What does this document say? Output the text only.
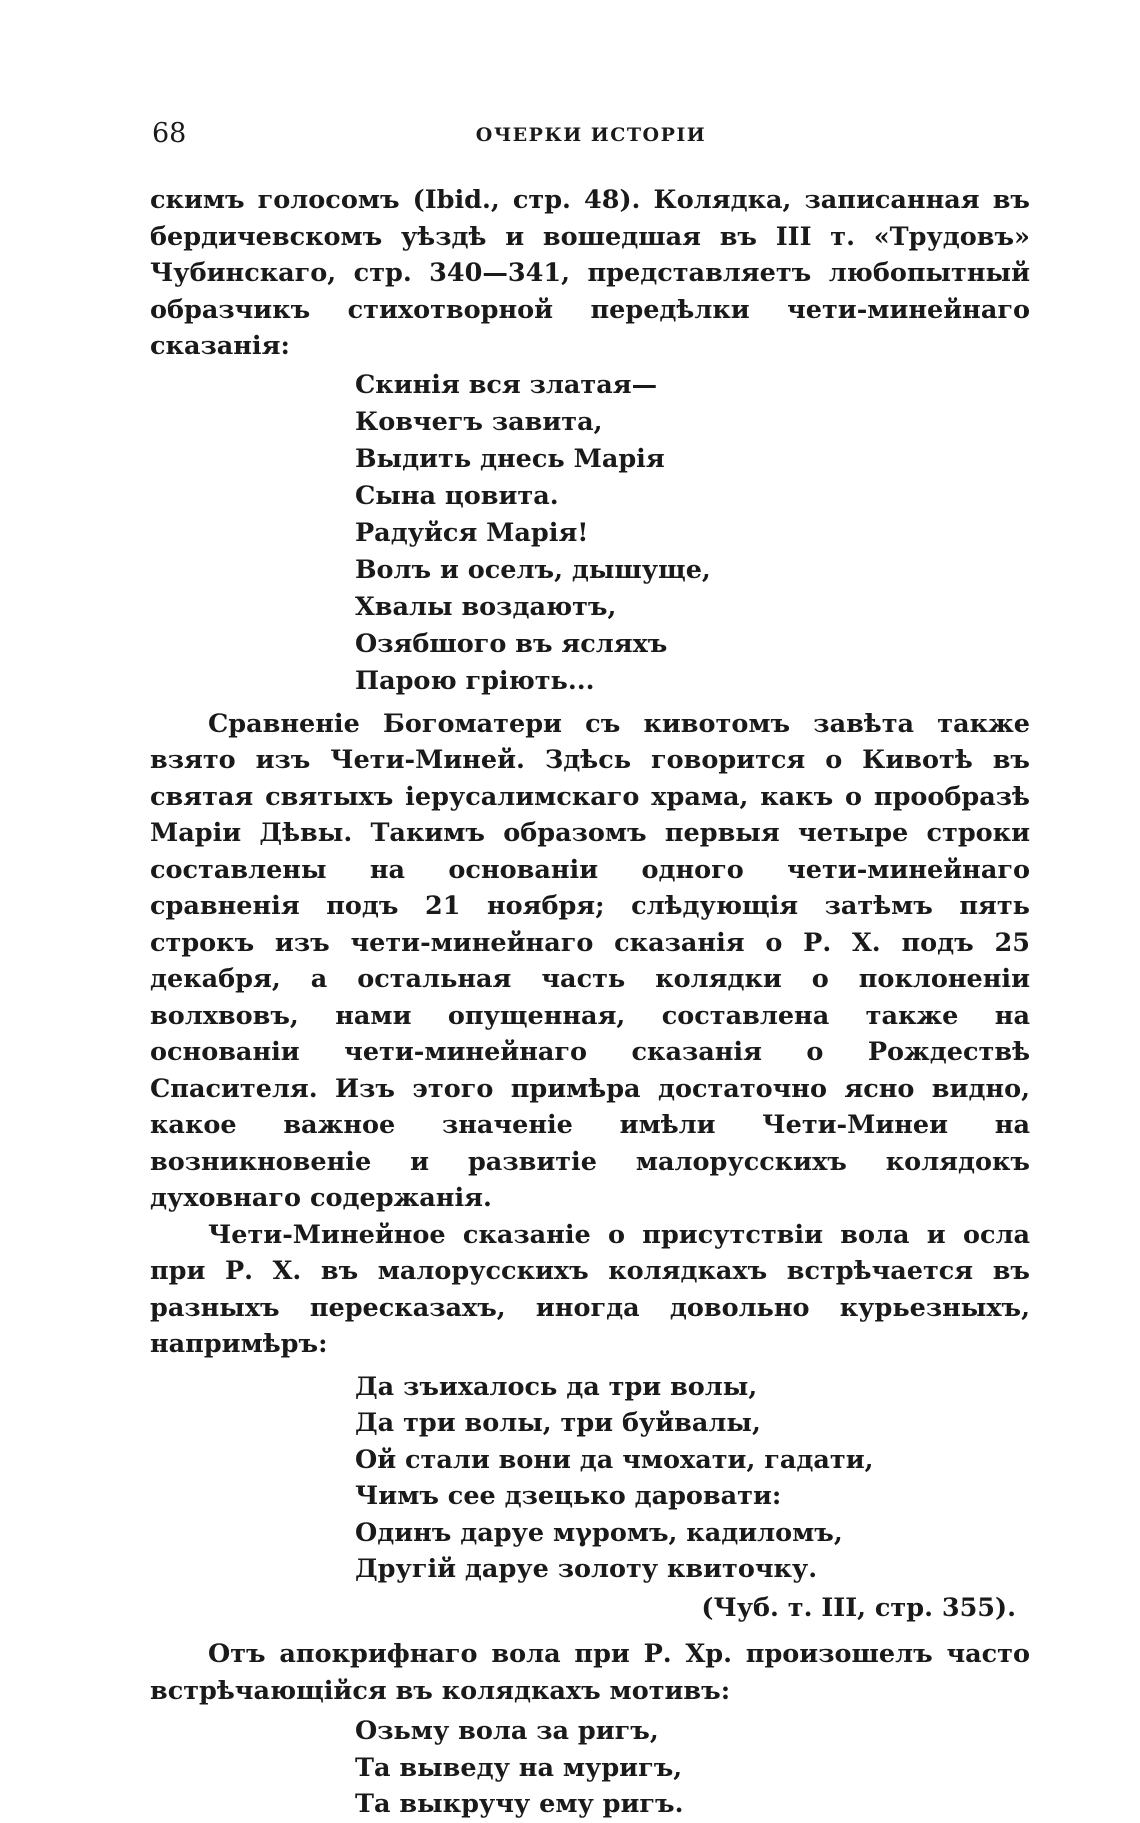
68	ОЧЕРКИ ИСТОРIИ

скимъ голосомъ (Ibid., стр. 48). Колядка, записанная въ бердичевскомъ уѣздѣ и вошедшая въ III т. «Трудовъ» Чубинскаго, стр. 340—341, представляетъ любопытный образчикъ стихотворной передѣлки чети-минейнаго сказанія:

Скинія вся златая—
Ковчегъ завита,
Выдить днесь Марія
Сына цовита.
Радуйся Марія!
Волъ и оселъ, дышуще,
Хвалы воздаютъ,
Озябшого въ ясляхъ
Парою грiють...

Сравненіе Богоматери съ кивотомъ завѣта также взято изъ Чети-Миней. Здѣсь говорится о Кивотѣ въ святая святыхъ іерусалимскаго храма, какъ о прообразѣ Маріи Дѣвы. Такимъ образомъ первыя четыре строки составлены на основаніи одного чети-минейнаго сравненія подъ 21 ноября; слѣдующія затѣмъ пять строкъ изъ чети-минейнаго сказанія о Р. Х. подъ 25 декабря, а остальная часть колядки о поклоненіи волхвовъ, нами опущенная, составлена также на основаніи чети-минейнаго сказанія о Рождествѣ Спасителя. Изъ этого примѣра достаточно ясно видно, какое важное значеніе имѣли Чети-Минеи на возникновеніе и развитіе малорусскихъ колядокъ духовнаго содержанія.

Чети-Минейное сказаніе о присутствіи вола и осла при Р. Х. въ малорусскихъ колядкахъ встрѣчается въ разныхъ пересказахъ, иногда довольно курьезныхъ, напримѣръ:

Да зъихалось да три волы,
Да три волы, три буйвалы,
Ой стали вони да чмохати, гадати,
Чимъ сее дзецько даровати:
Одинъ даруе мγромъ, кадиломъ,
Другiй даруе золоту квиточку.
(Чуб. т. III, стр. 355).

Отъ апокрифнаго вола при Р. Хр. произошелъ часто встрѣчающійся въ колядкахъ мотивъ:

Озьму вола за ригъ,
Та выведу на муригъ,
Та выкручу ему ригъ.
